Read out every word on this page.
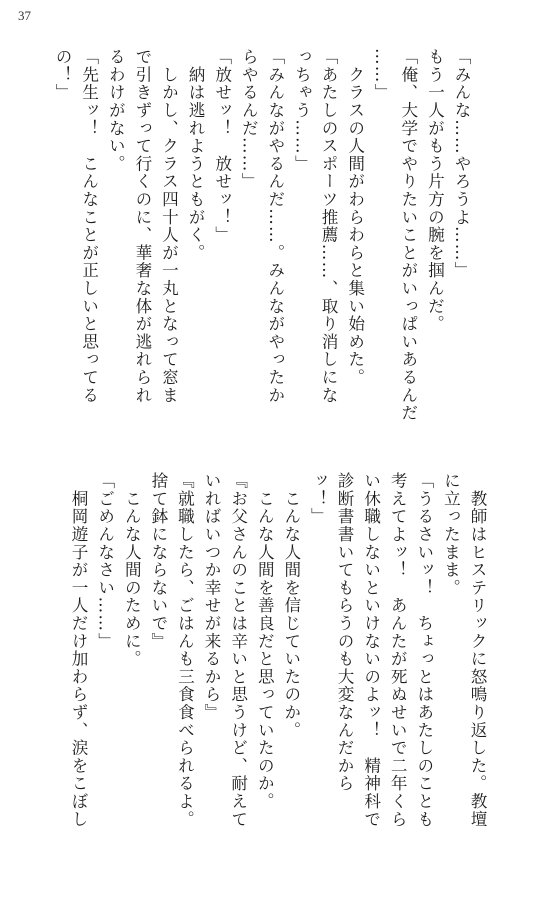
37
「みんな……やろうよ……」
もう一人がもう片方の腕を掴んだ。
「俺、大学でやりたいことがいっぱいあるんだ
……」
　クラスの人間がわらわらと集い始めた。
「あたしのスポーツ推薦……、取り消しにな
っちゃう……」
「みんながやるんだ……。みんながやったか
らやるんだ……」
「放せッ！　放せッ！」
　納は逃れようともがく。
　しかし、クラス四十人が一丸となって窓ま
で引きずって行くのに、華奢な体が逃れられ
るわけがない。
「先生ッ！　こんなことが正しいと思ってる
の！」
　教師はヒステリックに怒鳴り返した。教壇
に立ったまま。
「うるさいッ！　ちょっとはあたしのことも
考えてよッ！　あんたが死ぬせいで二年くら
い休職しないといけないのよッ！　精神科で
診断書書いてもらうのも大変なんだから
ッ！」
　こんな人間を信じていたのか。
　こんな人間を善良だと思っていたのか。
『お父さんのことは辛いと思うけど、耐えて
いればいつか幸せが来るから』
『就職したら、ごはんも三食食べられるよ。
捨て鉢にならないで』
　こんな人間のために。
「ごめんなさい……」
　桐岡遊子が一人だけ加わらず、涙をこぼし
